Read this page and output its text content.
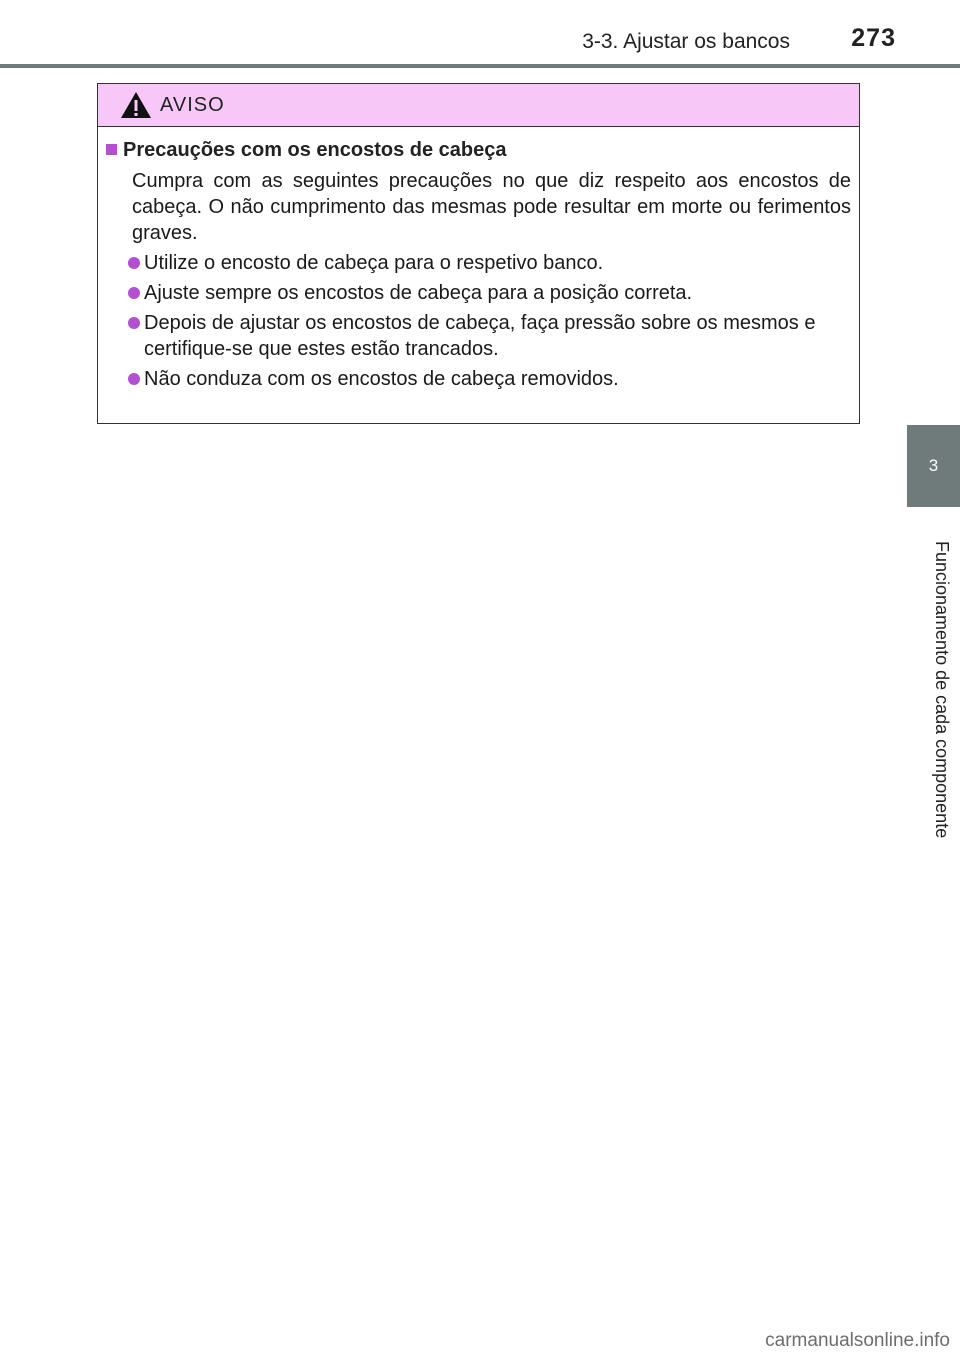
3-3. Ajustar os bancos	273
3
Funcionamento de cada componente
AVISO
Precauções com os encostos de cabeça
Cumpra com as seguintes precauções no que diz respeito aos encostos de cabeça. O não cumprimento das mesmas pode resultar em morte ou ferimentos graves.
Utilize o encosto de cabeça para o respetivo banco.
Ajuste sempre os encostos de cabeça para a posição correta.
Depois de ajustar os encostos de cabeça, faça pressão sobre os mesmos e certifique-se que estes estão trancados.
Não conduza com os encostos de cabeça removidos.
carmanualsonline.info
